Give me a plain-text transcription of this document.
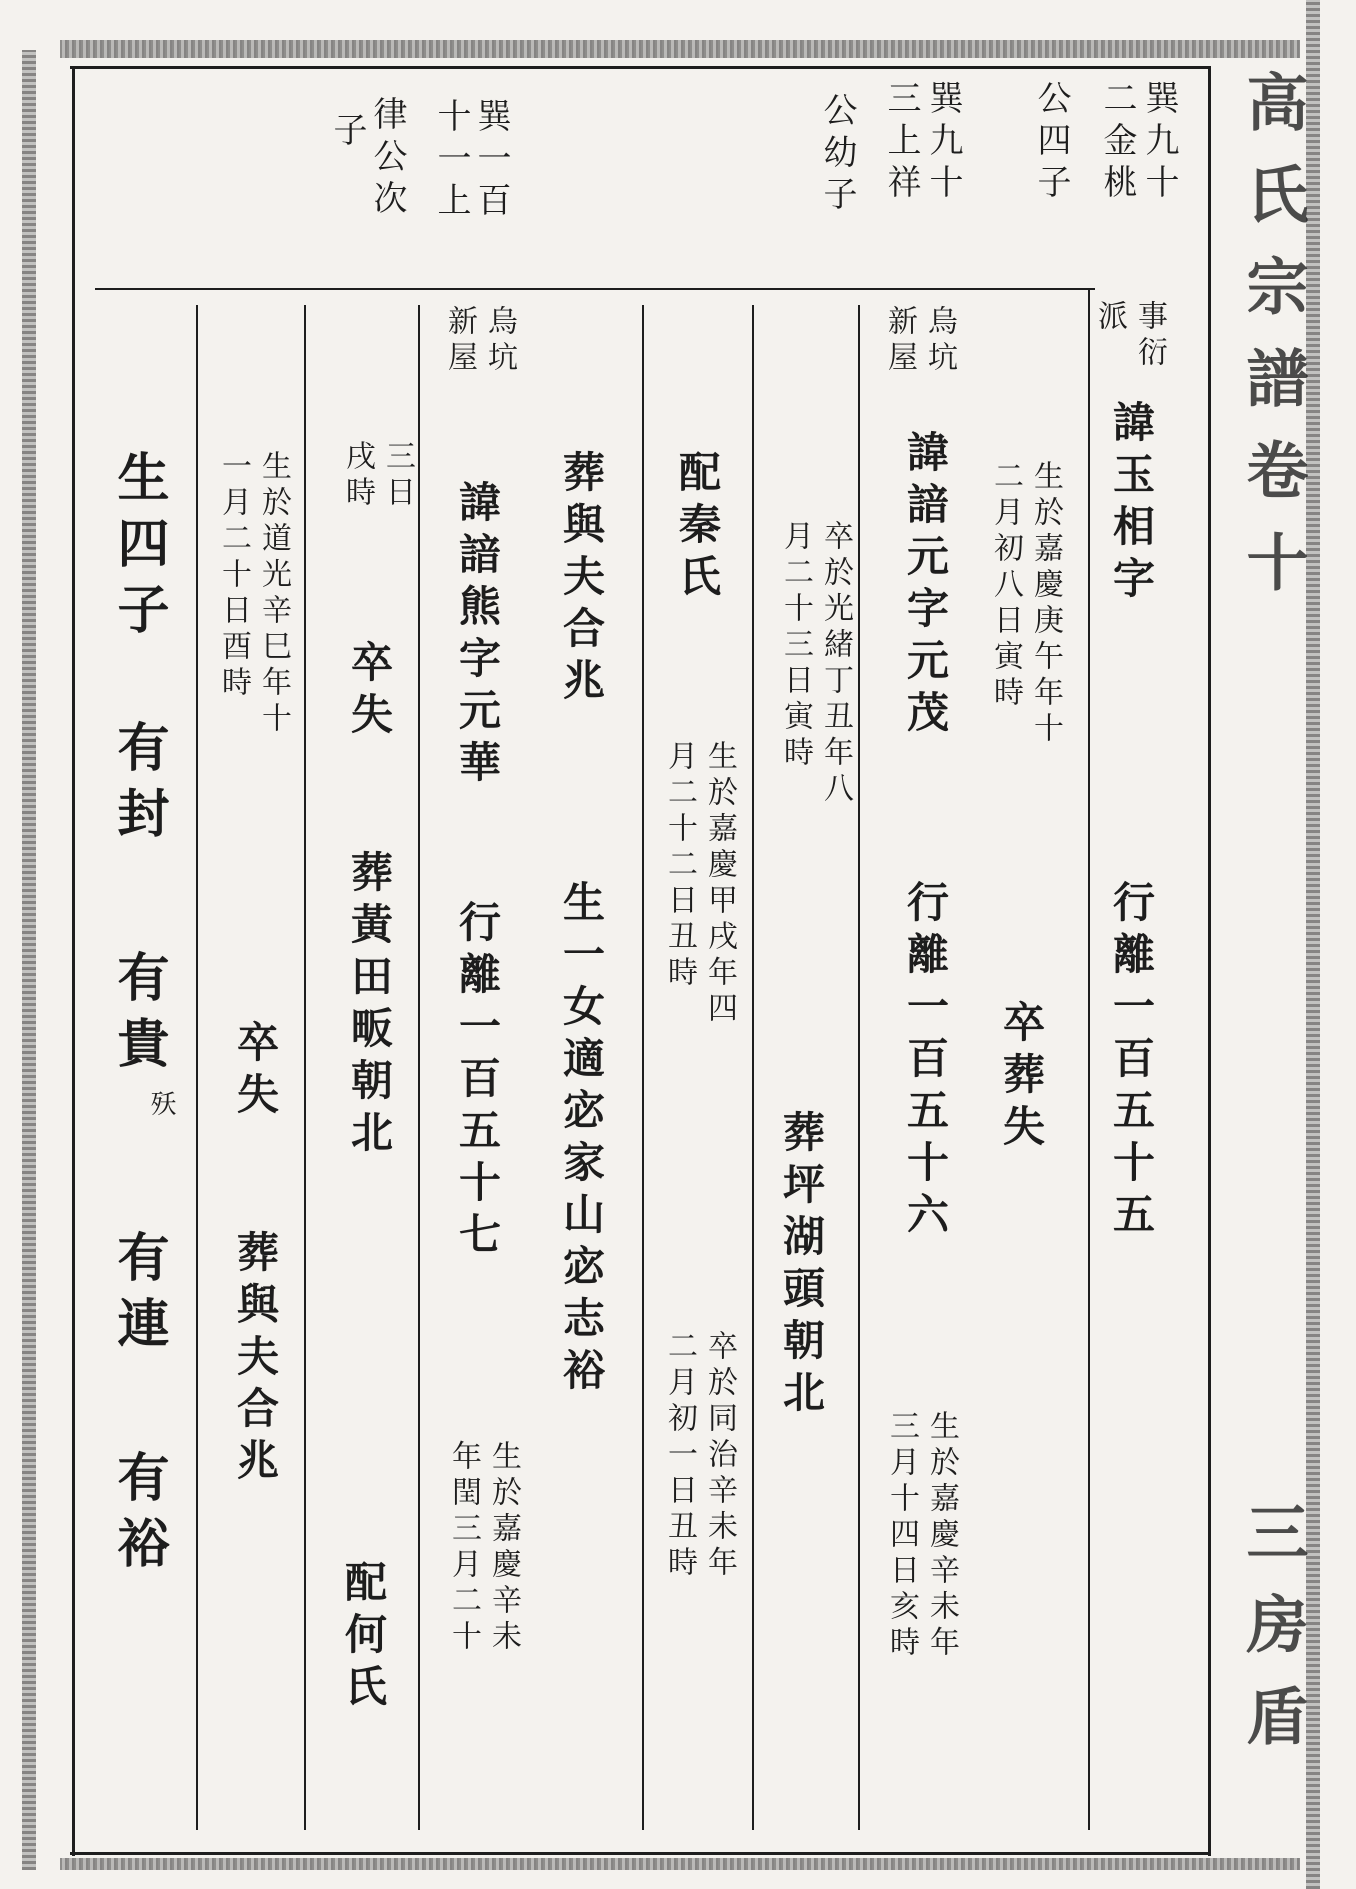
高氏宗譜卷十
三房盾
巽九十
二金桃
公四子
巽九十
三上祥
公幼子
巽一百
十一上
律公次
子
事衍
派
諱玉相字
行離一百五十五
生於嘉慶庚午年十
二月初八日寅時
卒葬失
烏坑
新屋
諱諳元字元茂
行離一百五十六
生於嘉慶辛未年
三月十四日亥時
卒於光緒丁丑年八
月二十三日寅時
葬坪湖頭朝北
配秦氏
生於嘉慶甲戌年四
月二十二日丑時
卒於同治辛未年
二月初一日丑時
葬與夫合兆
生一女適宓家山宓志裕
烏坑
新屋
諱諳熊字元華
行離一百五十七
生於嘉慶辛未
年閏三月二十
三日
戌時
卒失
葬黃田畈朝北
配何氏
生於道光辛巳年十
一月二十日酉時
卒失
葬與夫合兆
生四子
有封
有貴
殀
有連
有裕
